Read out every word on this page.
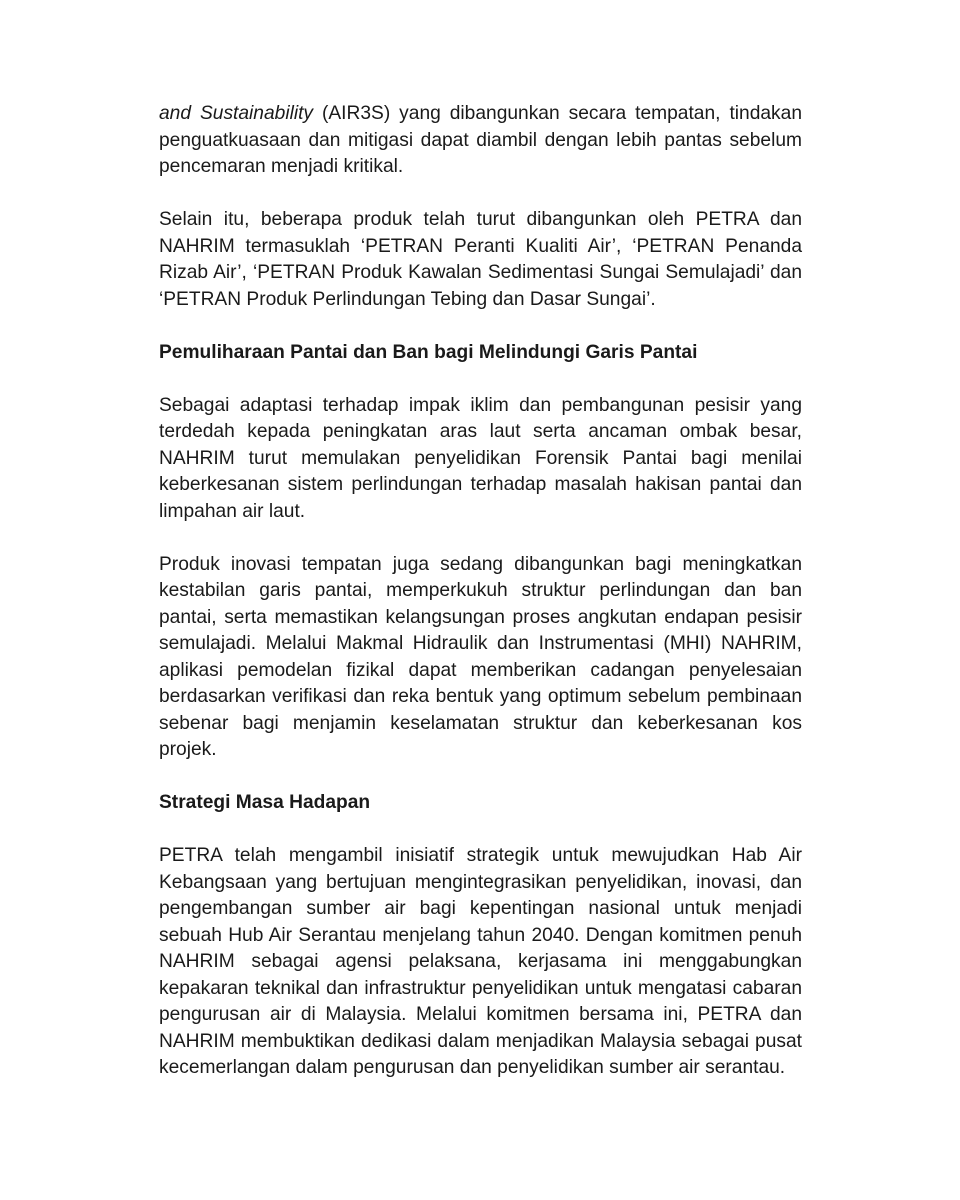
and Sustainability (AIR3S) yang dibangunkan secara tempatan, tindakan penguatkuasaan dan mitigasi dapat diambil dengan lebih pantas sebelum pencemaran menjadi kritikal.

Selain itu, beberapa produk telah turut dibangunkan oleh PETRA dan NAHRIM termasuklah ‘PETRAN Peranti Kualiti Air’, ‘PETRAN Penanda Rizab Air’, ‘PETRAN Produk Kawalan Sedimentasi Sungai Semulajadi’ dan ‘PETRAN Produk Perlindungan Tebing dan Dasar Sungai’.

Pemuliharaan Pantai dan Ban bagi Melindungi Garis Pantai

Sebagai adaptasi terhadap impak iklim dan pembangunan pesisir yang terdedah kepada peningkatan aras laut serta ancaman ombak besar, NAHRIM turut memulakan penyelidikan Forensik Pantai bagi menilai keberkesanan sistem perlindungan terhadap masalah hakisan pantai dan limpahan air laut.

Produk inovasi tempatan juga sedang dibangunkan bagi meningkatkan kestabilan garis pantai, memperkukuh struktur perlindungan dan ban pantai, serta memastikan kelangsungan proses angkutan endapan pesisir semulajadi. Melalui Makmal Hidraulik dan Instrumentasi (MHI) NAHRIM, aplikasi pemodelan fizikal dapat memberikan cadangan penyelesaian berdasarkan verifikasi dan reka bentuk yang optimum sebelum pembinaan sebenar bagi menjamin keselamatan struktur dan keberkesanan kos projek.

Strategi Masa Hadapan

PETRA telah mengambil inisiatif strategik untuk mewujudkan Hab Air Kebangsaan yang bertujuan mengintegrasikan penyelidikan, inovasi, dan pengembangan sumber air bagi kepentingan nasional untuk menjadi sebuah Hub Air Serantau menjelang tahun 2040. Dengan komitmen penuh NAHRIM sebagai agensi pelaksana, kerjasama ini menggabungkan kepakaran teknikal dan infrastruktur penyelidikan untuk mengatasi cabaran pengurusan air di Malaysia. Melalui komitmen bersama ini, PETRA dan NAHRIM membuktikan dedikasi dalam menjadikan Malaysia sebagai pusat kecemerlangan dalam pengurusan dan penyelidikan sumber air serantau.
